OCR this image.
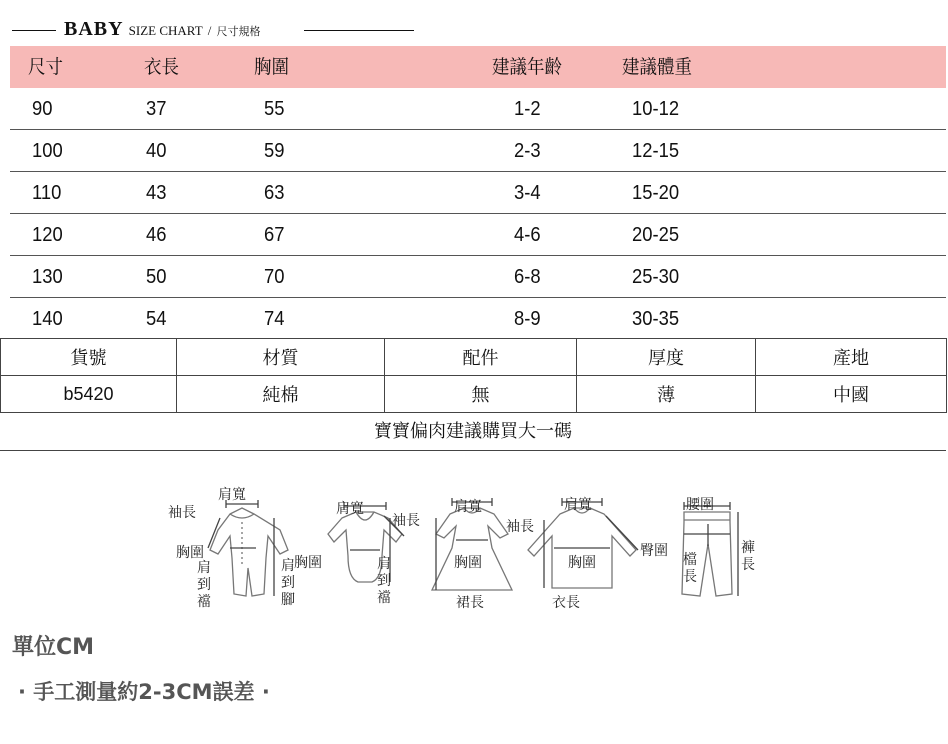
BABY SIZE CHART / 尺寸規格
尺寸	衣長	胸圍	建議年齡	建議體重
90	37	55	1-2	10-12
100	40	59	2-3	12-15
110	43	63	3-4	15-20
120	46	67	4-6	20-25
130	50	70	6-8	25-30
140	54	74	8-9	30-35
貨號	材質	配件	厚度	產地
b5420	純棉	無	薄	中國
寶寶偏肉建議購買大一碼
肩寬
袖長
胸圍
肩
到
襠
肩
到
腳
肩寬
袖長
胸圍	肩
到
襠
肩寬
胸圍
裙長
肩寬
袖長
胸圍
衣長
腰圍
臀圍
檔
長
褲
長
單位CM
· 手工測量約2-3CM誤差 ·
